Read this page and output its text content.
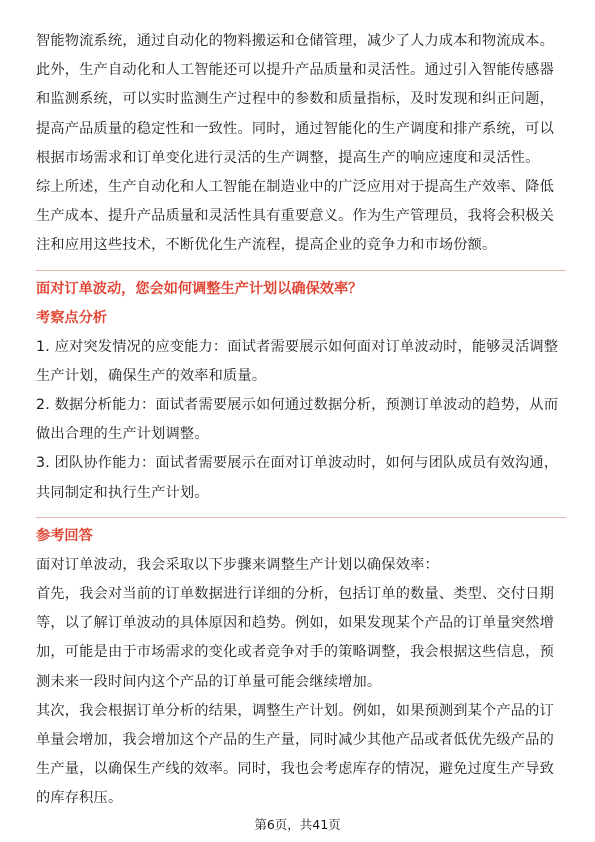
智能物流系统，通过自动化的物料搬运和仓储管理，减少了人力成本和物流成本。

此外，生产自动化和人工智能还可以提升产品质量和灵活性。通过引入智能传感器和监测系统，可以实时监测生产过程中的参数和质量指标，及时发现和纠正问题，提高产品质量的稳定性和一致性。同时，通过智能化的生产调度和排产系统，可以根据市场需求和订单变化进行灵活的生产调整，提高生产的响应速度和灵活性。

综上所述，生产自动化和人工智能在制造业中的广泛应用对于提高生产效率、降低生产成本、提升产品质量和灵活性具有重要意义。作为生产管理员，我将会积极关注和应用这些技术，不断优化生产流程，提高企业的竞争力和市场份额。

面对订单波动，您会如何调整生产计划以确保效率？

考察点分析

1. 应对突发情况的应变能力：面试者需要展示如何面对订单波动时，能够灵活调整生产计划，确保生产的效率和质量。

2. 数据分析能力：面试者需要展示如何通过数据分析，预测订单波动的趋势，从而做出合理的生产计划调整。

3. 团队协作能力：面试者需要展示在面对订单波动时，如何与团队成员有效沟通，共同制定和执行生产计划。

参考回答

面对订单波动，我会采取以下步骤来调整生产计划以确保效率：

首先，我会对当前的订单数据进行详细的分析，包括订单的数量、类型、交付日期等，以了解订单波动的具体原因和趋势。例如，如果发现某个产品的订单量突然增加，可能是由于市场需求的变化或者竞争对手的策略调整，我会根据这些信息，预测未来一段时间内这个产品的订单量可能会继续增加。

其次，我会根据订单分析的结果，调整生产计划。例如，如果预测到某个产品的订单量会增加，我会增加这个产品的生产量，同时减少其他产品或者低优先级产品的生产量，以确保生产线的效率。同时，我也会考虑库存的情况，避免过度生产导致的库存积压。

第6页，共41页
